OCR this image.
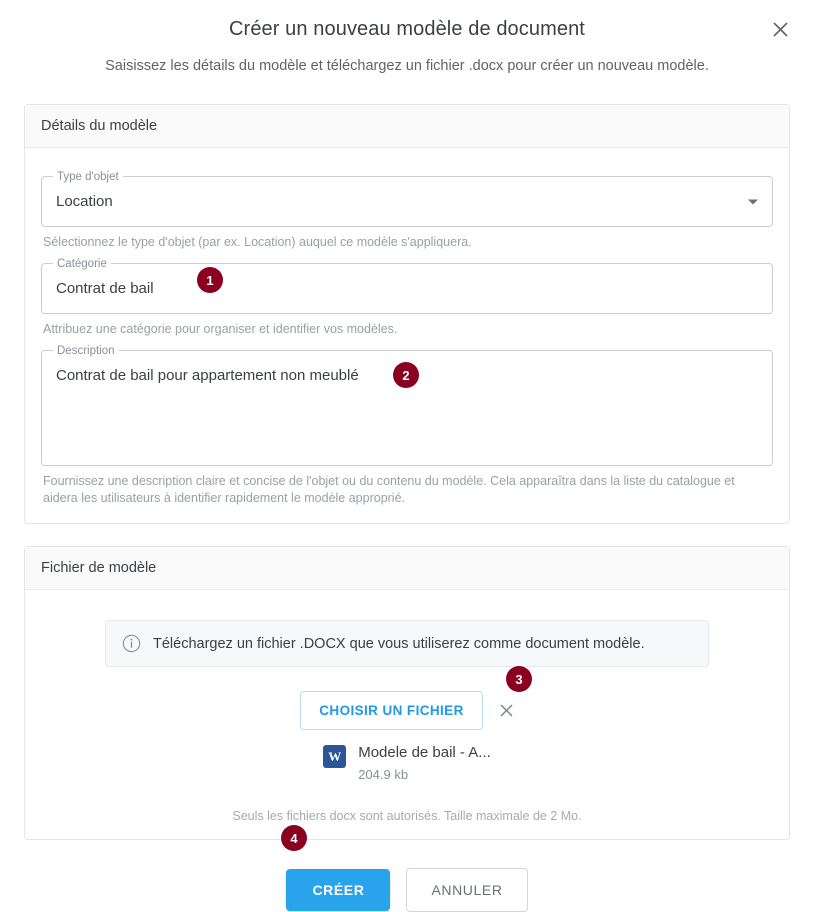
Créer un nouveau modèle de document
Saisissez les détails du modèle et téléchargez un fichier .docx pour créer un nouveau modèle.
Détails du modèle
Type d'objet
Location
Sélectionnez le type d'objet (par ex. Location) auquel ce modèle s'appliquera.
Catégorie
Contrat de bail
Attribuez une catégorie pour organiser et identifier vos modèles.
Description
Contrat de bail pour appartement non meublé
Fournissez une description claire et concise de l'objet ou du contenu du modèle. Cela apparaîtra dans la liste du catalogue et aidera les utilisateurs à identifier rapidement le modèle approprié.
Fichier de modèle
Téléchargez un fichier .DOCX que vous utiliserez comme document modèle.
CHOISIR UN FICHIER
W	Modele de bail - A...
204.9 kb
Seuls les fichiers docx sont autorisés. Taille maximale de 2 Mo.
CRÉER	ANNULER
1
2
3
4
